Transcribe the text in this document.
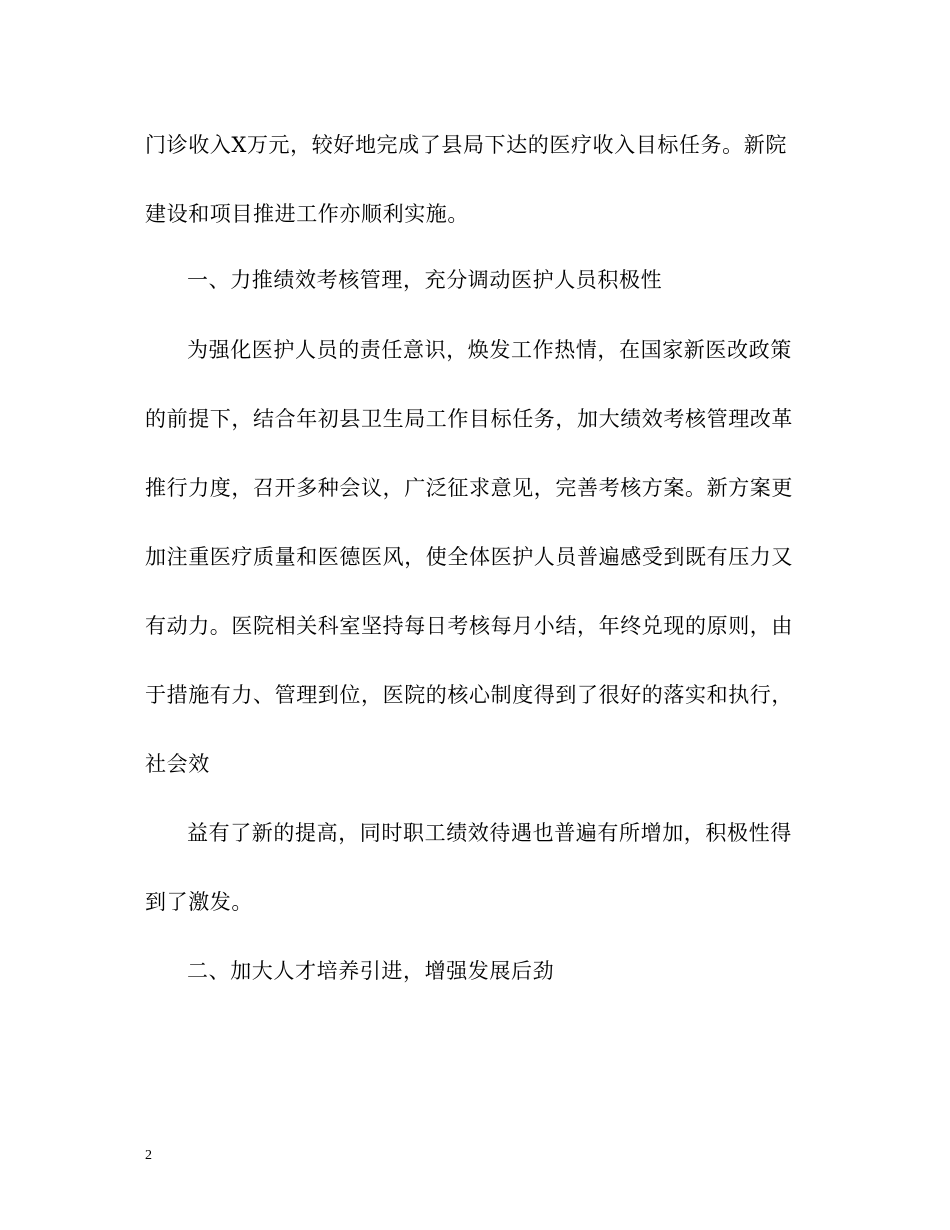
门诊收入X万元，较好地完成了县局下达的医疗收入目标任务。新院
建设和项目推进工作亦顺利实施。
一、力推绩效考核管理，充分调动医护人员积极性
为强化医护人员的责任意识，焕发工作热情，在国家新医改政策
的前提下，结合年初县卫生局工作目标任务，加大绩效考核管理改革
推行力度，召开多种会议，广泛征求意见，完善考核方案。新方案更
加注重医疗质量和医德医风，使全体医护人员普遍感受到既有压力又
有动力。医院相关科室坚持每日考核每月小结，年终兑现的原则，由
于措施有力、管理到位，医院的核心制度得到了很好的落实和执行，
社会效
益有了新的提高，同时职工绩效待遇也普遍有所增加，积极性得
到了激发。
二、加大人才培养引进，增强发展后劲
2
